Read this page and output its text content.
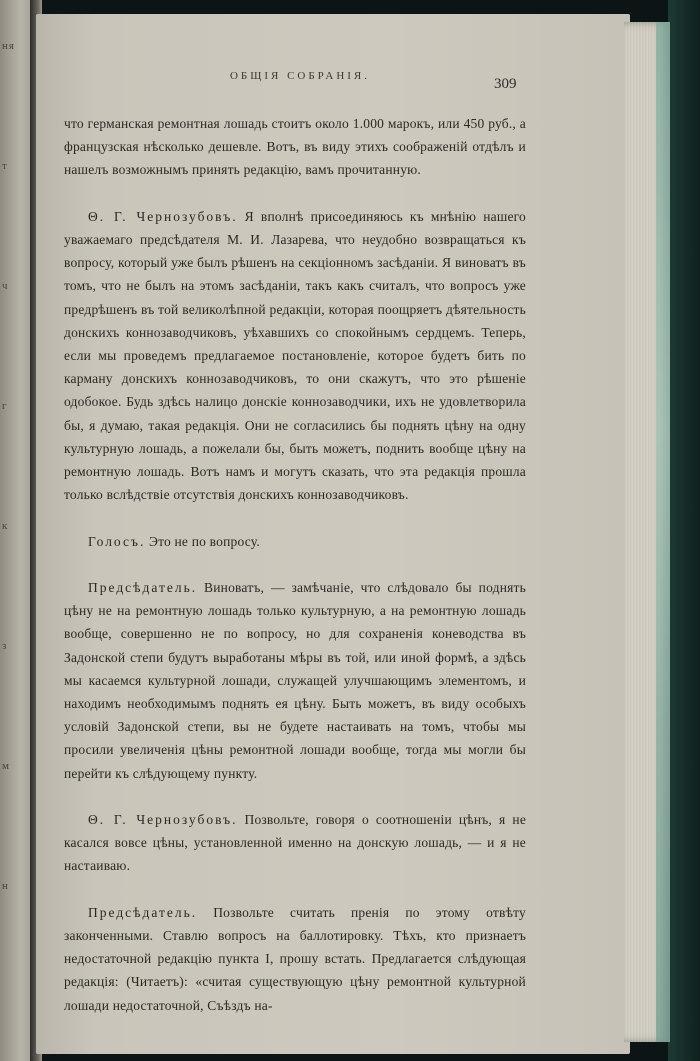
ня
т
ч
г
к
з
м
н
ОБЩІЯ СОБРАНІЯ.	309

что германская ремонтная лошадь стоитъ около 1.000 марокъ, или 450 руб., а французская нѣсколько дешевле. Вотъ, въ виду этихъ соображеній отдѣлъ и нашелъ возможнымъ принять редакцію, вамъ прочитанную.

Θ. Г. Чернозубовъ. Я вполнѣ присоединяюсь къ мнѣнію нашего уважаемаго предсѣдателя М. И. Лазарева, что неудобно возвращаться къ вопросу, который уже былъ рѣшенъ на секціонномъ засѣданіи. Я виноватъ въ томъ, что не былъ на этомъ засѣданіи, такъ какъ считалъ, что вопросъ уже предрѣшенъ въ той великолѣпной редакціи, которая поощряетъ дѣятельность донскихъ коннозаводчиковъ, уѣхавшихъ со спокойнымъ сердцемъ. Теперь, если мы проведемъ предлагаемое постановленіе, которое будетъ бить по карману донскихъ коннозаводчиковъ, то они скажутъ, что это рѣшеніе одобокое. Будь здѣсь налицо донскіе коннозаводчики, ихъ не удовлетворила бы, я думаю, такая редакція. Они не согласились бы поднять цѣну на одну культурную лошадь, а пожелали бы, быть можетъ, поднить вообще цѣну на ремонтную лошадь. Вотъ намъ и могутъ сказать, что эта редакція прошла только вслѣдствіе отсутствія донскихъ коннозаводчиковъ.

Голосъ. Это не по вопросу.

Предсѣдатель. Виноватъ, — замѣчаніе, что слѣдовало бы поднять цѣну не на ремонтную лошадь только культурную, а на ремонтную лошадь вообще, совершенно не по вопросу, но для сохраненія коневодства въ Задонской степи будутъ выработаны мѣры въ той, или иной формѣ, а здѣсь мы касаемся культурной лошади, служащей улучшающимъ элементомъ, и находимъ необходимымъ поднять ея цѣну. Быть можетъ, въ виду особыхъ условій Задонской степи, вы не будете настаивать на томъ, чтобы мы просили увеличенія цѣны ремонтной лошади вообще, тогда мы могли бы перейти къ слѣдующему пункту.

Θ. Г. Чернозубовъ. Позвольте, говоря о соотношеніи цѣнъ, я не касался вовсе цѣны, установленной именно на донскую лошадь, — и я не настаиваю.

Предсѣдатель. Позвольте считать пренія по этому отвѣту законченными. Ставлю вопросъ на баллотировку. Тѣхъ, кто признаетъ недостаточной редакцію пункта I, прошу встать. Предлагается слѣдующая редакція: (Читаетъ): «считая существующую цѣну ремонтной культурной лошади недостаточной, Съѣздъ на-
